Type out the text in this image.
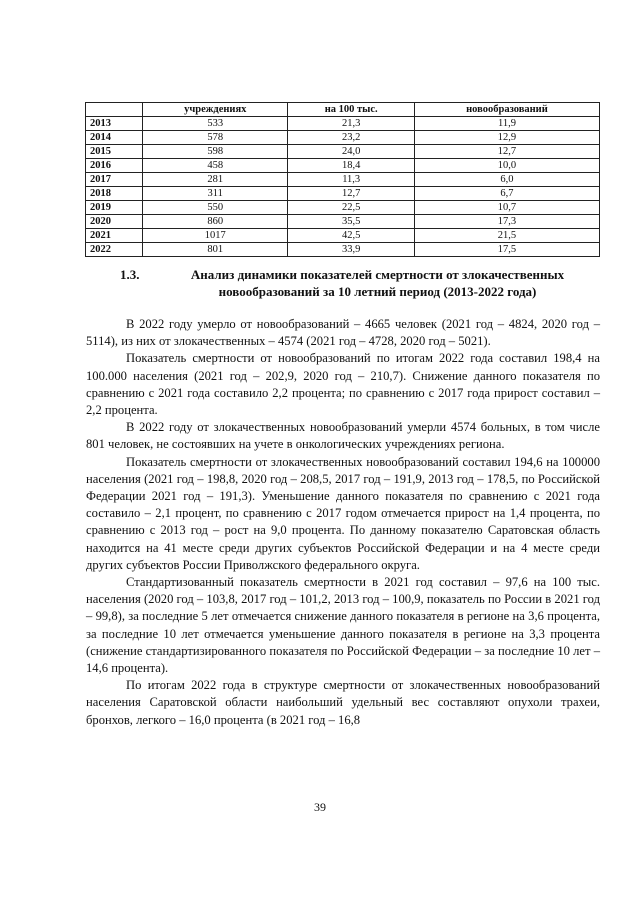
	учреждениях	на 100 тыс.	новообразований
2013	533	21,3	11,9
2014	578	23,2	12,9
2015	598	24,0	12,7
2016	458	18,4	10,0
2017	281	11,3	6,0
2018	311	12,7	6,7
2019	550	22,5	10,7
2020	860	35,5	17,3
2021	1017	42,5	21,5
2022	801	33,9	17,5
1.3.	Анализ динамики показателей смертности от злокачественных новообразований за 10 летний период (2013-2022 года)

В 2022 году умерло от новообразований – 4665 человек (2021 год – 4824, 2020 год – 5114), из них от злокачественных – 4574 (2021 год – 4728, 2020 год – 5021).

Показатель смертности от новообразований по итогам 2022 года составил 198,4 на 100.000 населения (2021 год – 202,9, 2020 год – 210,7). Снижение данного показателя по сравнению с 2021 года составило 2,2 процента; по сравнению с 2017 года прирост составил – 2,2 процента.

В 2022 году от злокачественных новообразований умерли 4574 больных, в том числе 801 человек, не состоявших на учете в онкологических учреждениях региона.

Показатель смертности от злокачественных новообразований составил 194,6 на 100000 населения (2021 год – 198,8, 2020 год – 208,5, 2017 год – 191,9, 2013 год – 178,5, по Российской Федерации 2021 год – 191,3). Уменьшение данного показателя по сравнению с 2021 года составило – 2,1 процент, по сравнению с 2017 годом отмечается прирост на 1,4 процента, по сравнению с 2013 год – рост на 9,0 процента. По данному показателю Саратовская область находится на 41 месте среди других субъектов Российской Федерации и на 4 месте среди других субъектов России Приволжского федерального округа.

Стандартизованный показатель смертности в 2021 год составил – 97,6 на 100 тыс. населения (2020 год – 103,8, 2017 год – 101,2, 2013 год – 100,9, показатель по России в 2021 год – 99,8), за последние 5 лет отмечается снижение данного показателя в регионе на 3,6 процента, за последние 10 лет отмечается уменьшение данного показателя в регионе на 3,3 процента (снижение стандартизированного показателя по Российской Федерации – за последние 10 лет – 14,6 процента).

По итогам 2022 года в структуре смертности от злокачественных новообразований населения Саратовской области наибольший удельный вес составляют опухоли трахеи, бронхов, легкого – 16,0 процента (в 2021 год – 16,8

39
